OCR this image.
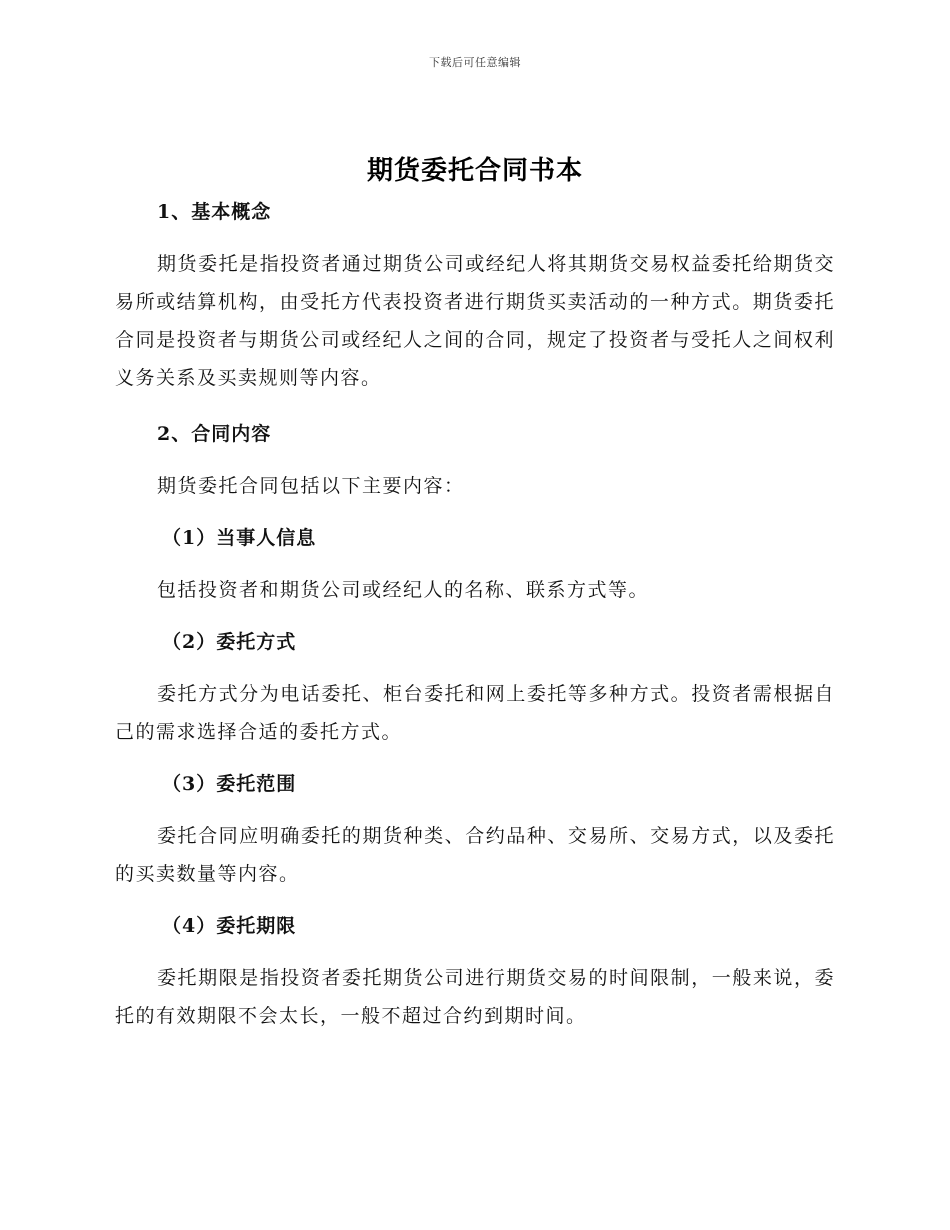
下载后可任意编辑
期货委托合同书本
1、基本概念

期货委托是指投资者通过期货公司或经纪人将其期货交易权益委托给期货交易所或结算机构，由受托方代表投资者进行期货买卖活动的一种方式。期货委托合同是投资者与期货公司或经纪人之间的合同，规定了投资者与受托人之间权利义务关系及买卖规则等内容。

2、合同内容

期货委托合同包括以下主要内容：

（1）当事人信息

包括投资者和期货公司或经纪人的名称、联系方式等。

（2）委托方式

委托方式分为电话委托、柜台委托和网上委托等多种方式。投资者需根据自己的需求选择合适的委托方式。

（3）委托范围

委托合同应明确委托的期货种类、合约品种、交易所、交易方式，以及委托的买卖数量等内容。

（4）委托期限

委托期限是指投资者委托期货公司进行期货交易的时间限制，一般来说，委托的有效期限不会太长，一般不超过合约到期时间。
